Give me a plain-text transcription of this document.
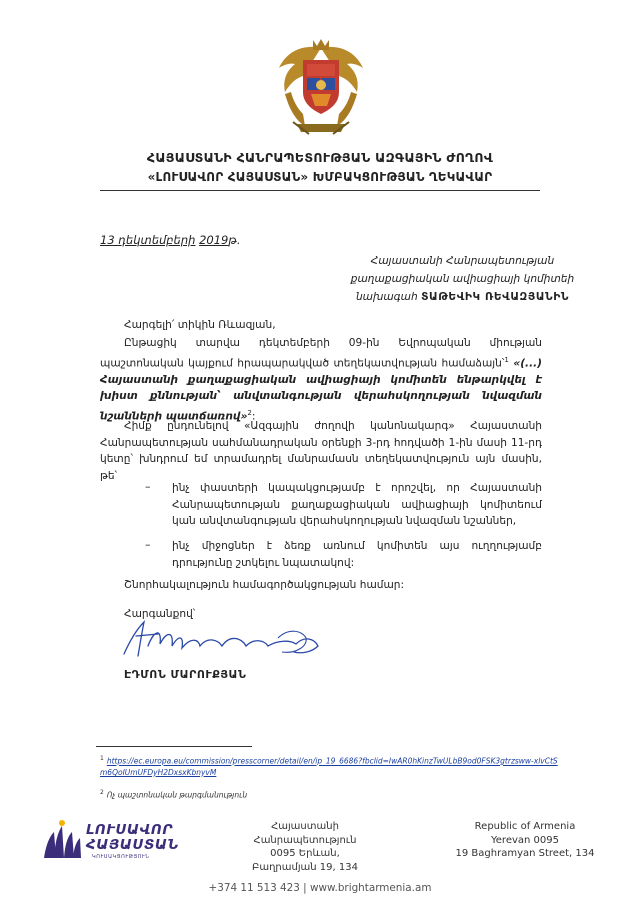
ՀԱՅԱՍՏԱՆԻ ՀԱՆՐԱՊԵՏՈՒԹՅԱՆ ԱԶԳԱՅԻՆ ԺՈՂՈՎ
«ԼՈՒՍԱՎՈՐ ՀԱՅԱՍՏԱՆ» ԽՄԲԱԿՑՈՒԹՅԱՆ ՂԵԿԱՎԱՐ
13 դեկտեմբերի 2019թ.
Հայաստանի Հանրապետության
քաղաքացիական ավիացիայի կոմիտեի
նախագահ ՏԱԹԵՎԻԿ ՌԵՎԱԶՅԱՆԻՆ
Հարգելի՛ տիկին Ռևազյան,
Ընթացիկ տարվա դեկտեմբերի 09-ին Եվրոպական միության պաշտոնական կայքում հրապարակված տեղեկատվության համաձայն՝$^1$ «(...) Հայաստանի քաղաքացիական ավիացիայի կոմիտեն ենթարկվել է խիստ քննության՝ անվտանգության վերահսկողության նվազման նշանների պատճառով»$^2$:
Հիմք ընդունելով «Ազգային ժողովի կանոնակարգ» Հայաստանի Հանրապետության սահմանադրական օրենքի 3-րդ հոդվածի 1-ին մասի 11-րդ կետը՝ խնդրում եմ տրամադրել մանրամասն տեղեկատվություն այն մասին, թե՝
– ինչ փաստերի կապակցությամբ է որոշվել, որ Հայաստանի Հանրապետության քաղաքացիական ավիացիայի կոմիտեում կան անվտանգության վերահսկողության նվազման նշաններ,
– ինչ միջոցներ է ձեռք առնում կոմիտեն այս ուղղությամբ դրությունը շտկելու նպատակով:
Շնորհակալություն համագործակցության համար:
Հարգանքով՝
ԷԴՄՈՆ ՄԱՐՈՒՔՅԱՆ
$^1$ https://ec.europa.eu/commission/presscorner/detail/en/ip_19_6686?fbclid=IwAR0hKinzTwULbB9od0FSK3gtrzsww-xlvCtSm6QoIUmUFDyH2DxsxKbnyvM
$^2$ Ոչ պաշտոնական թարգմանություն
ԼՈՒՍԱՎՈՐ
ՀԱՅԱՍՏԱՆ
ԿՈՒՍԱԿՑՈՒԹՅՈՒՆ
Հայաստանի Հանրապետություն
0095 Երևան,
Բաղրամյան 19, 134
Republic of Armenia
Yerevan 0095
19 Baghramyan Street, 134
+374 11 513 423 | www.brightarmenia.am
